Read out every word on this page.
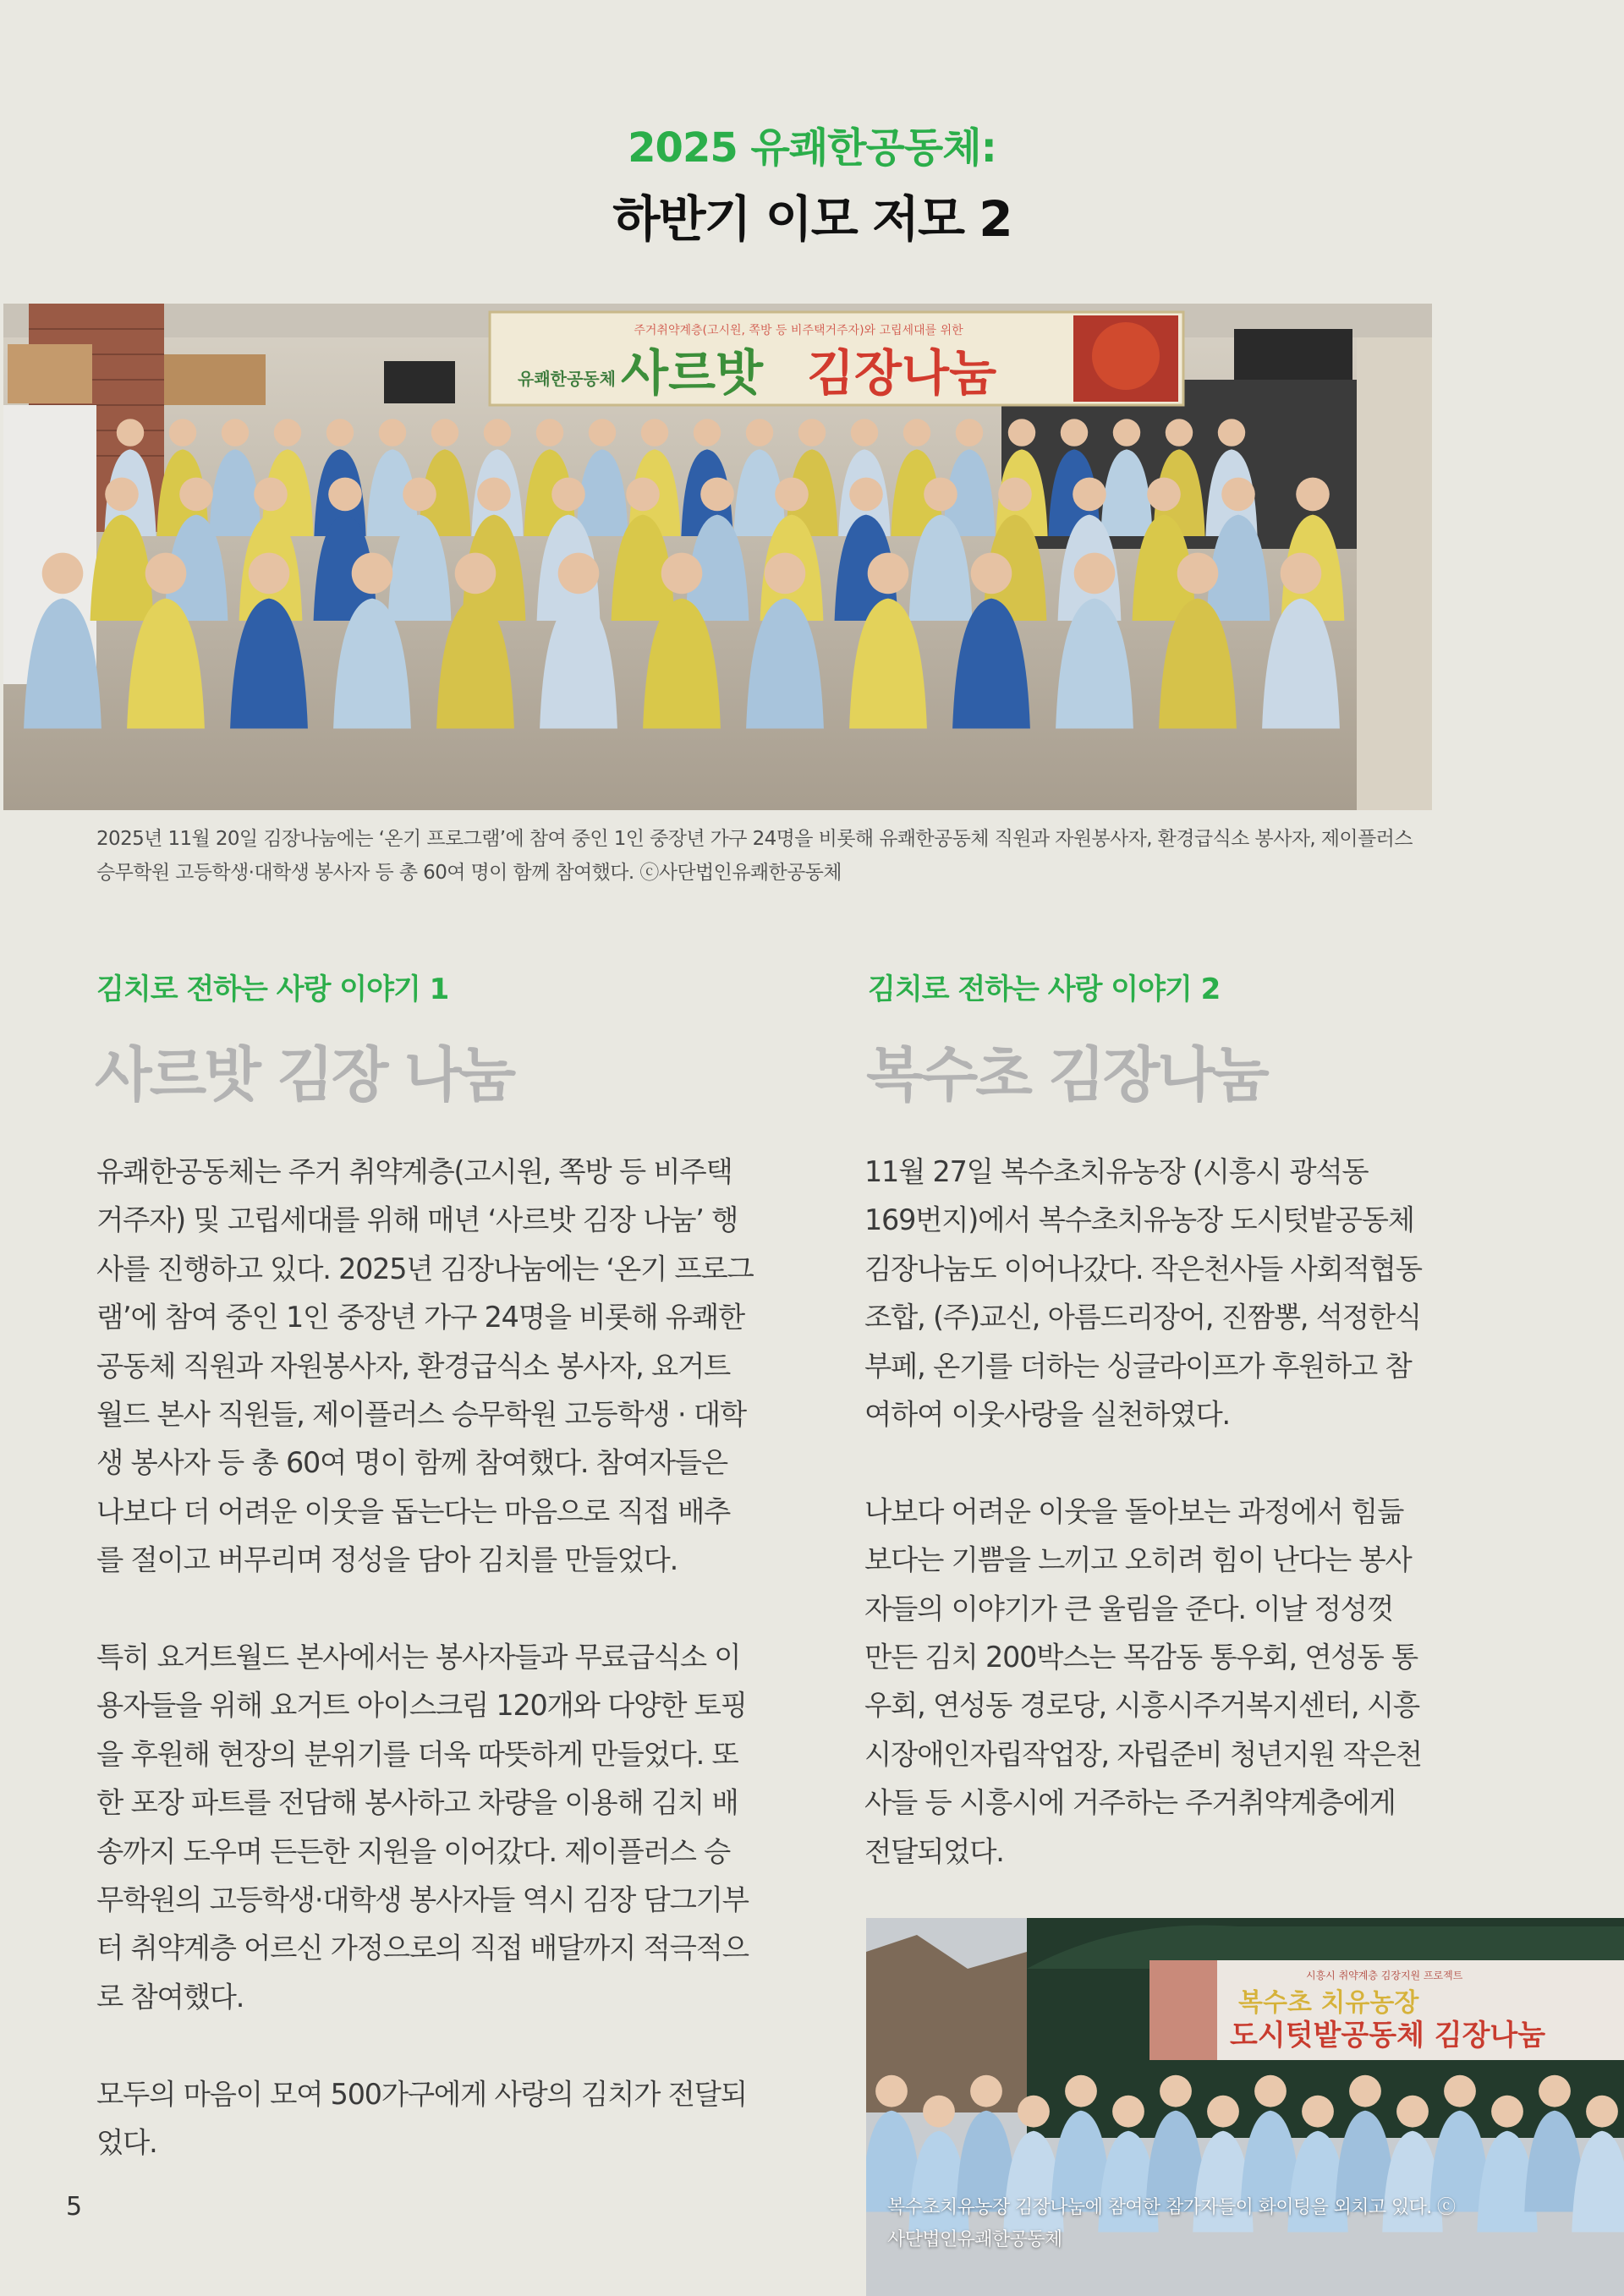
2025 유쾌한공동체:
하반기 이모 저모 2
주거취약계층(고시원, 쪽방 등 비주택거주자)와 고립세대를 위한
유쾌한공동체 사르밧 김장나눔
2025년 11월 20일 김장나눔에는 ‘온기 프로그램’에 참여 중인 1인 중장년 가구 24명을 비롯해 유쾌한공동체 직원과 자원봉사자, 환경급식소 봉사자, 제이플러스 승무학원 고등학생·대학생 봉사자 등 총 60여 명이 함께 참여했다. ⓒ사단법인유쾌한공동체
김치로 전하는 사랑 이야기 1
사르밧 김장 나눔

유쾌한공동체는 주거 취약계층(고시원, 쪽방 등 비주택거주자) 및 고립세대를 위해 매년 ‘사르밧 김장 나눔’ 행사를 진행하고 있다. 2025년 김장나눔에는 ‘온기 프로그램’에 참여 중인 1인 중장년 가구 24명을 비롯해 유쾌한공동체 직원과 자원봉사자, 환경급식소 봉사자, 요거트월드 본사 직원들, 제이플러스 승무학원 고등학생 · 대학생 봉사자 등 총 60여 명이 함께 참여했다. 참여자들은 나보다 더 어려운 이웃을 돕는다는 마음으로 직접 배추를 절이고 버무리며 정성을 담아 김치를 만들었다.

특히 요거트월드 본사에서는 봉사자들과 무료급식소 이용자들을 위해 요거트 아이스크림 120개와 다양한 토핑을 후원해 현장의 분위기를 더욱 따뜻하게 만들었다. 또한 포장 파트를 전담해 봉사하고 차량을 이용해 김치 배송까지 도우며 든든한 지원을 이어갔다. 제이플러스 승무학원의 고등학생·대학생 봉사자들 역시 김장 담그기부터 취약계층 어르신 가정으로의 직접 배달까지 적극적으로 참여했다.

모두의 마음이 모여 500가구에게 사랑의 김치가 전달되었다.

김치로 전하는 사랑 이야기 2
복수초 김장나눔

11월 27일 복수초치유농장 (시흥시 광석동 169번지)에서 복수초치유농장 도시텃밭공동체 김장나눔도 이어나갔다. 작은천사들 사회적협동조합, (주)교신, 아름드리장어, 진짬뽕, 석정한식부페, 온기를 더하는 싱글라이프가 후원하고 참여하여 이웃사랑을 실천하였다.

나보다 어려운 이웃을 돌아보는 과정에서 힘듦보다는 기쁨을 느끼고 오히려 힘이 난다는 봉사자들의 이야기가 큰 울림을 준다. 이날 정성껏 만든 김치 200박스는 목감동 통우회, 연성동 통우회, 연성동 경로당, 시흥시주거복지센터, 시흥시장애인자립작업장, 자립준비 청년지원 작은천사들 등 시흥시에 거주하는 주거취약계층에게 전달되었다.

시흥시 취약계층 김장지원 프로젝트
복수초 치유농장
도시텃밭공동체 김장나눔
복수초치유농장 김장나눔에 참여한 참가자들이 화이팅을 외치고 있다. ⓒ사단법인유쾌한공동체
5
